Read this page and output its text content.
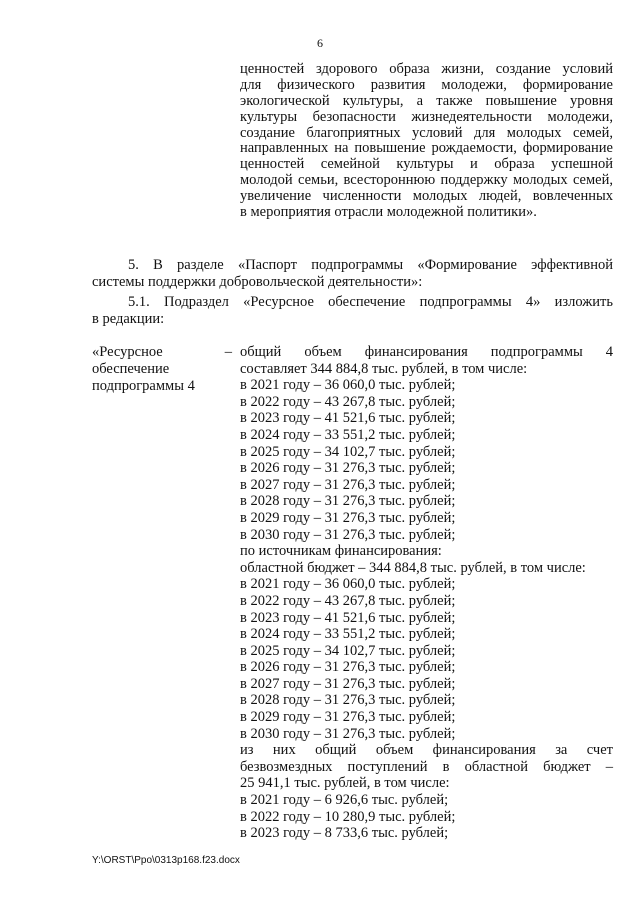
6
ценностей здорового образа жизни, создание условий
для физического развития молодежи, формирование
экологической культуры, а также повышение уровня
культуры безопасности жизнедеятельности молодежи,
создание благоприятных условий для молодых семей,
направленных на повышение рождаемости, формирование
ценностей семейной культуры и образа успешной
молодой семьи, всестороннюю поддержку молодых семей,
увеличение численности молодых людей, вовлеченных
в мероприятия отрасли молодежной политики».
5. В разделе «Паспорт подпрограммы «Формирование эффективной
системы поддержки добровольческой деятельности»:
5.1. Подраздел «Ресурсное обеспечение подпрограммы 4» изложить
в редакции:
«Ресурсное	–
обеспечение
подпрограммы 4
общий объем финансирования подпрограммы 4
составляет 344 884,8 тыс. рублей, в том числе:
в 2021 году – 36 060,0 тыс. рублей;
в 2022 году – 43 267,8 тыс. рублей;
в 2023 году – 41 521,6 тыс. рублей;
в 2024 году – 33 551,2 тыс. рублей;
в 2025 году – 34 102,7 тыс. рублей;
в 2026 году – 31 276,3 тыс. рублей;
в 2027 году – 31 276,3 тыс. рублей;
в 2028 году – 31 276,3 тыс. рублей;
в 2029 году – 31 276,3 тыс. рублей;
в 2030 году – 31 276,3 тыс. рублей;
по источникам финансирования:
областной бюджет – 344 884,8 тыс. рублей, в том числе:
в 2021 году – 36 060,0 тыс. рублей;
в 2022 году – 43 267,8 тыс. рублей;
в 2023 году – 41 521,6 тыс. рублей;
в 2024 году – 33 551,2 тыс. рублей;
в 2025 году – 34 102,7 тыс. рублей;
в 2026 году – 31 276,3 тыс. рублей;
в 2027 году – 31 276,3 тыс. рублей;
в 2028 году – 31 276,3 тыс. рублей;
в 2029 году – 31 276,3 тыс. рублей;
в 2030 году – 31 276,3 тыс. рублей;
из них общий объем финансирования за счет
безвозмездных поступлений в областной бюджет –
25 941,1 тыс. рублей, в том числе:
в 2021 году – 6 926,6 тыс. рублей;
в 2022 году – 10 280,9 тыс. рублей;
в 2023 году – 8 733,6 тыс. рублей;
Y:\ORST\Ppo\0313p168.f23.docx
